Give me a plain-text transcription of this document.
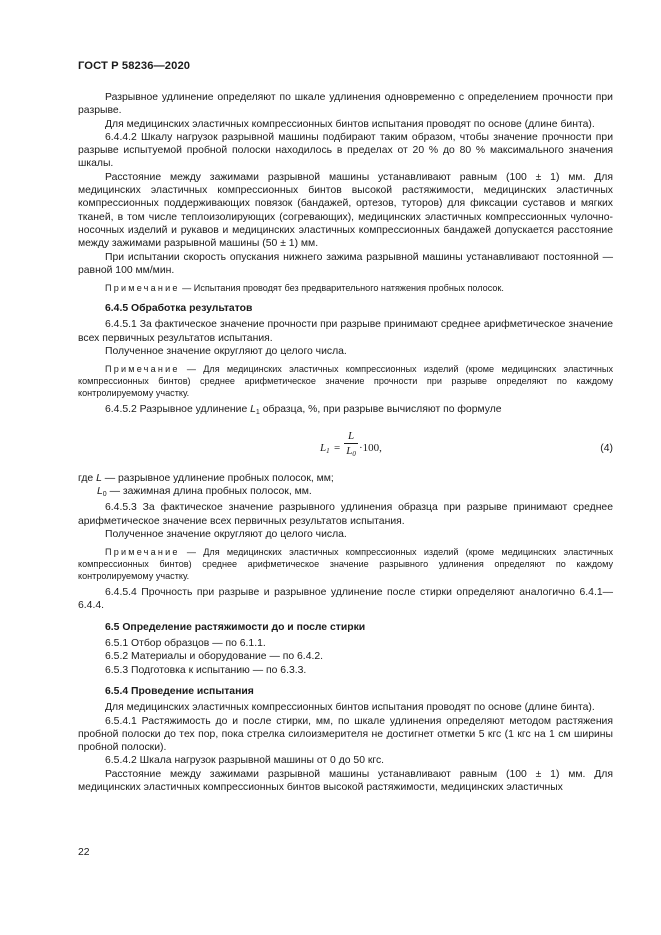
ГОСТ Р 58236—2020

Разрывное удлинение определяют по шкале удлинения одновременно с определением прочности при разрыве.

Для медицинских эластичных компрессионных бинтов испытания проводят по основе (длине бинта).

6.4.4.2 Шкалу нагрузок разрывной машины подбирают таким образом, чтобы значение прочности при разрыве испытуемой пробной полоски находилось в пределах от 20 % до 80 % максимального значения шкалы.

Расстояние между зажимами разрывной машины устанавливают равным (100 ± 1) мм. Для медицинских эластичных компрессионных бинтов высокой растяжимости, медицинских эластичных компрессионных поддерживающих повязок (бандажей, ортезов, туторов) для фиксации суставов и мягких тканей, в том числе теплоизолирующих (согревающих), медицинских эластичных компрессионных чулочно-носочных изделий и рукавов и медицинских эластичных компрессионных бандажей допускается расстояние между зажимами разрывной машины (50 ± 1) мм.

При испытании скорость опускания нижнего зажима разрывной машины устанавливают постоянной — равной 100 мм/мин.

Примечание — Испытания проводят без предварительного натяжения пробных полосок.

6.4.5 Обработка результатов

6.4.5.1 За фактическое значение прочности при разрыве принимают среднее арифметическое значение всех первичных результатов испытания.

Полученное значение округляют до целого числа.

Примечание — Для медицинских эластичных компрессионных изделий (кроме медицинских эластичных компрессионных бинтов) среднее арифметическое значение прочности при разрыве определяют по каждому контролируемому участку.

6.4.5.2 Разрывное удлинение $L_1$ образца, %, при разрыве вычисляют по формуле

$L_1$ =
L
$L_0 \cdot 100$,	(4)

где L — разрывное удлинение пробных полосок, мм;

$L_0$ — зажимная длина пробных полосок, мм.

6.4.5.3 За фактическое значение разрывного удлинения образца при разрыве принимают среднее арифметическое значение всех первичных результатов испытания.

Полученное значение округляют до целого числа.

Примечание — Для медицинских эластичных компрессионных изделий (кроме медицинских эластичных компрессионных бинтов) среднее арифметическое значение разрывного удлинения определяют по каждому контролируемому участку.

6.4.5.4 Прочность при разрыве и разрывное удлинение после стирки определяют аналогично 6.4.1—6.4.4.

6.5 Определение растяжимости до и после стирки

6.5.1 Отбор образцов — по 6.1.1.

6.5.2 Материалы и оборудование — по 6.4.2.

6.5.3 Подготовка к испытанию — по 6.3.3.

6.5.4 Проведение испытания

Для медицинских эластичных компрессионных бинтов испытания проводят по основе (длине бинта).

6.5.4.1 Растяжимость до и после стирки, мм, по шкале удлинения определяют методом растяжения пробной полоски до тех пор, пока стрелка силоизмерителя не достигнет отметки 5 кгс (1 кгс на 1 см ширины пробной полоски).

6.5.4.2 Шкала нагрузок разрывной машины от 0 до 50 кгс.

Расстояние между зажимами разрывной машины устанавливают равным (100 ± 1) мм. Для медицинских эластичных компрессионных бинтов высокой растяжимости, медицинских эластичных

22
